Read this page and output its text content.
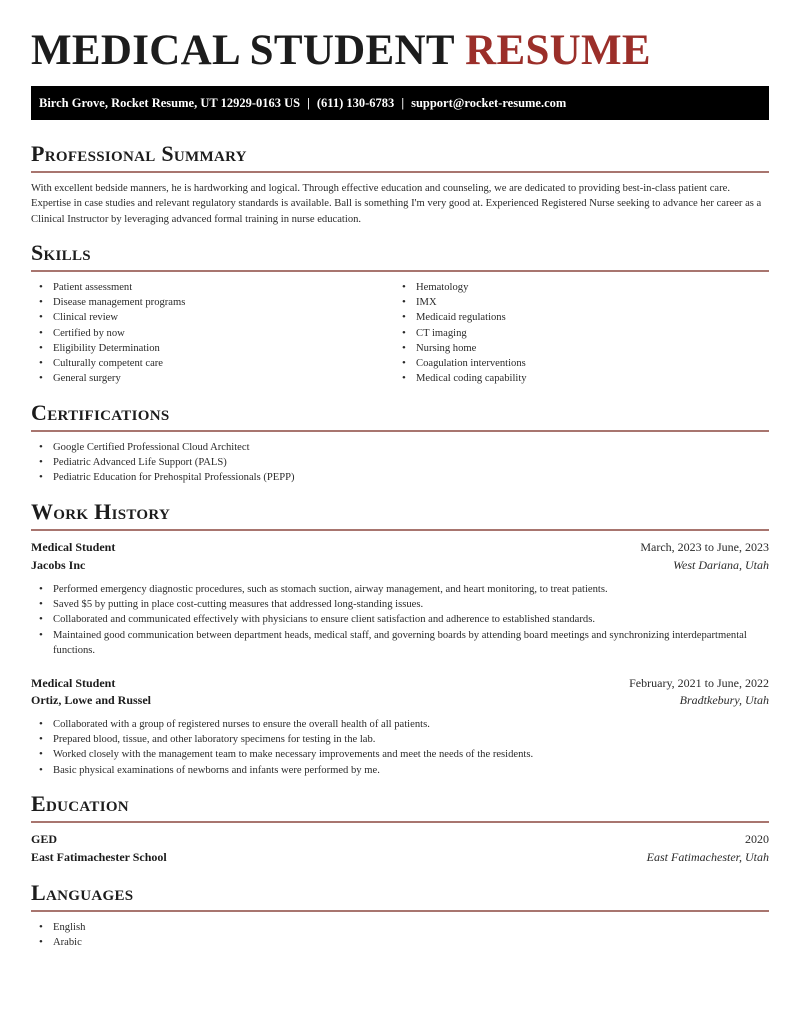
MEDICAL STUDENT RESUME
Birch Grove, Rocket Resume, UT 12929-0163 US | (611) 130-6783 | support@rocket-resume.com
Professional Summary
With excellent bedside manners, he is hardworking and logical. Through effective education and counseling, we are dedicated to providing best-in-class patient care. Expertise in case studies and relevant regulatory standards is available. Ball is something I'm very good at. Experienced Registered Nurse seeking to advance her career as a Clinical Instructor by leveraging advanced formal training in nurse education.
Skills
• Patient assessment
• Disease management programs
• Clinical review
• Certified by now
• Eligibility Determination
• Culturally competent care
• General surgery
• Hematology
• IMX
• Medicaid regulations
• CT imaging
• Nursing home
• Coagulation interventions
• Medical coding capability
Certifications
• Google Certified Professional Cloud Architect
• Pediatric Advanced Life Support (PALS)
• Pediatric Education for Prehospital Professionals (PEPP)
Work History
Medical Student	March, 2023 to June, 2023
Jacobs Inc	West Dariana, Utah
• Performed emergency diagnostic procedures, such as stomach suction, airway management, and heart monitoring, to treat patients.
• Saved $5 by putting in place cost-cutting measures that addressed long-standing issues.
• Collaborated and communicated effectively with physicians to ensure client satisfaction and adherence to established standards.
• Maintained good communication between department heads, medical staff, and governing boards by attending board meetings and synchronizing interdepartmental functions.
Medical Student	February, 2021 to June, 2022
Ortiz, Lowe and Russel	Bradtkebury, Utah
• Collaborated with a group of registered nurses to ensure the overall health of all patients.
• Prepared blood, tissue, and other laboratory specimens for testing in the lab.
• Worked closely with the management team to make necessary improvements and meet the needs of the residents.
• Basic physical examinations of newborns and infants were performed by me.
Education
GED	2020
East Fatimachester School	East Fatimachester, Utah
Languages
• English
• Arabic
